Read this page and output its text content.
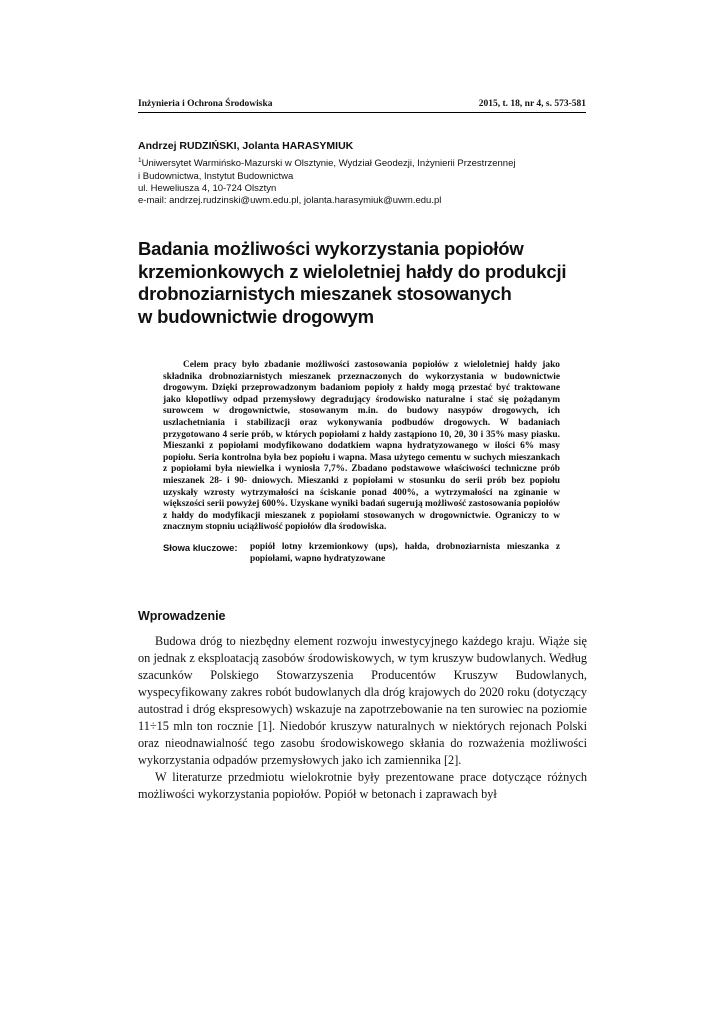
Inżynieria i Ochrona Środowiska	2015, t. 18, nr 4, s. 573-581
Andrzej RUDZIŃSKI, Jolanta HARASYMIUK
$^1$Uniwersytet Warmińsko-Mazurski w Olsztynie, Wydział Geodezji, Inżynierii Przestrzennej
i Budownictwa, Instytut Budownictwa
ul. Heweliusza 4, 10-724 Olsztyn
e-mail: andrzej.rudzinski@uwm.edu.pl, jolanta.harasymiuk@uwm.edu.pl
Badania możliwości wykorzystania popiołów
krzemionkowych z wieloletniej hałdy do produkcji
drobnoziarnistych mieszanek stosowanych
w budownictwie drogowym
Celem pracy było zbadanie możliwości zastosowania popiołów z wieloletniej hałdy jako składnika drobnoziarnistych mieszanek przeznaczonych do wykorzystania w budownictwie drogowym. Dzięki przeprowadzonym badaniom popioły z hałdy mogą przestać być traktowane jako kłopotliwy odpad przemysłowy degradujący środowisko naturalne i stać się pożądanym surowcem w drogownictwie, stosowanym m.in. do budowy nasypów drogowych, ich uszlachetniania i stabilizacji oraz wykonywania podbudów drogowych. W badaniach przygotowano 4 serie prób, w których popiołami z hałdy zastąpiono 10, 20, 30 i 35% masy piasku. Mieszanki z popiołami modyfikowano dodatkiem wapna hydratyzowanego w ilości 6% masy popiołu. Seria kontrolna była bez popiołu i wapna. Masa użytego cementu w suchych mieszankach z popiołami była niewielka i wyniosła 7,7%. Zbadano podstawowe właściwości techniczne prób mieszanek 28- i 90- dniowych. Mieszanki z popiołami w stosunku do serii prób bez popiołu uzyskały wzrosty wytrzymałości na ściskanie ponad 400%, a wytrzymałości na zginanie w większości serii powyżej 600%. Uzyskane wyniki badań sugerują możliwość zastosowania popiołów z hałdy do modyfikacji mieszanek z popiołami stosowanych w drogownictwie. Ograniczy to w znacznym stopniu uciążliwość popiołów dla środowiska.
Słowa kluczowe: popiół lotny krzemionkowy (ups), hałda, drobnoziarnista mieszanka z popiołami, wapno hydratyzowane
Wprowadzenie

Budowa dróg to niezbędny element rozwoju inwestycyjnego każdego kraju. Wiąże się on jednak z eksploatacją zasobów środowiskowych, w tym kruszyw budowlanych. Według szacunków Polskiego Stowarzyszenia Producentów Kruszyw Budowlanych, wyspecyfikowany zakres robót budowlanych dla dróg krajowych do 2020 roku (dotyczący autostrad i dróg ekspresowych) wskazuje na zapotrzebowanie na ten surowiec na poziomie 11÷15 mln ton rocznie [1]. Niedobór kruszyw naturalnych w niektórych rejonach Polski oraz nieodnawialność tego zasobu środowiskowego skłania do rozważenia możliwości wykorzystania odpadów przemysłowych jako ich zamiennika [2].

W literaturze przedmiotu wielokrotnie były prezentowane prace dotyczące różnych możliwości wykorzystania popiołów. Popiół w betonach i zaprawach był
